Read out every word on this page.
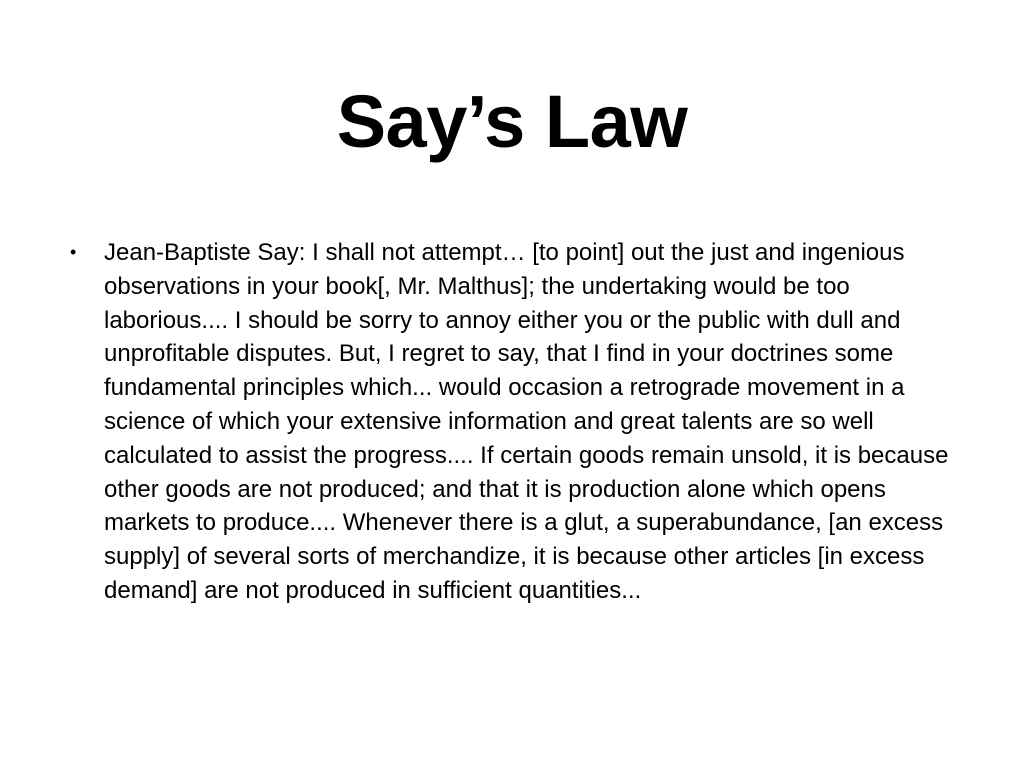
Say’s Law
• Jean-Baptiste Say: I shall not attempt… [to point] out the just and ingenious observations in your book[, Mr. Malthus]; the undertaking would be too laborious.... I should be sorry to annoy either you or the public with dull and unprofitable disputes. But, I regret to say, that I find in your doctrines some fundamental principles which... would occasion a retrograde movement in a science of which your extensive information and great talents are so well calculated to assist the progress.... If certain goods remain unsold, it is because other goods are not produced; and that it is production alone which opens markets to produce.... Whenever there is a glut, a superabundance, [an excess supply] of several sorts of merchandize, it is because other articles [in excess demand] are not produced in sufficient quantities...
